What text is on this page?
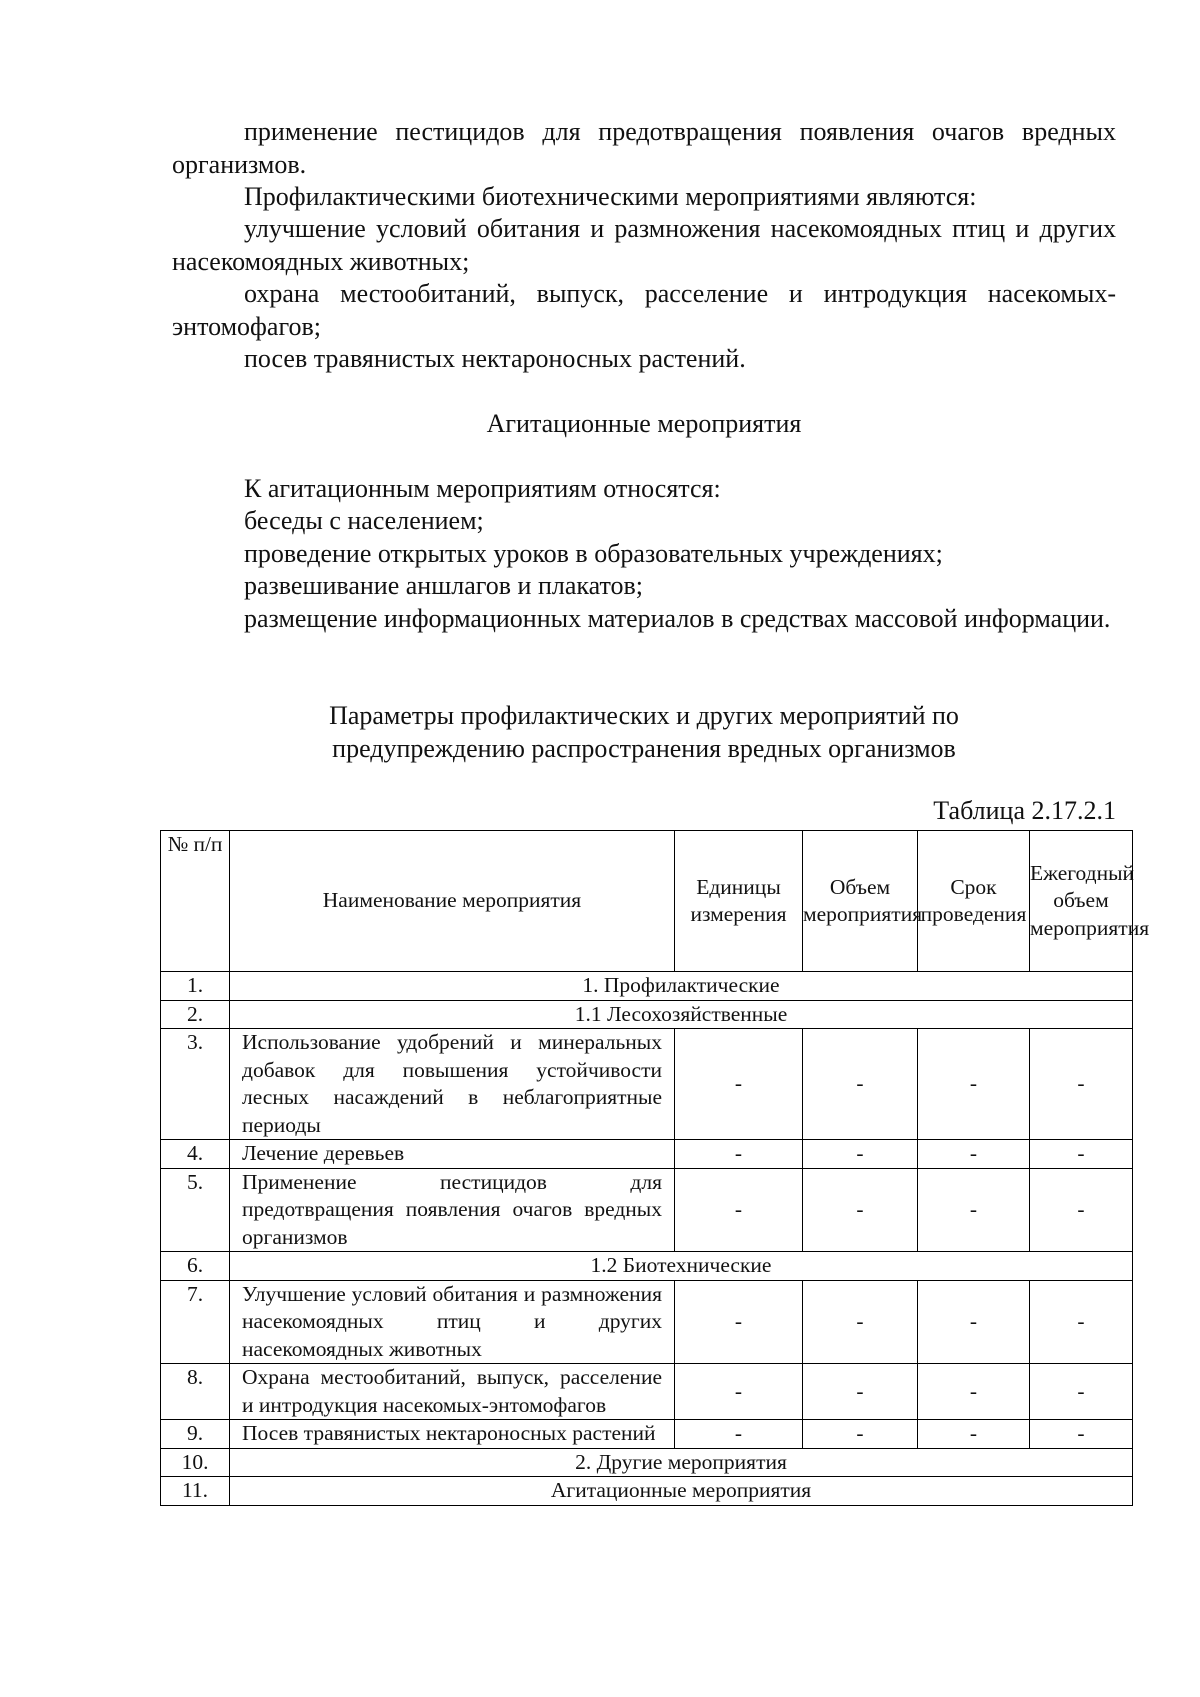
применение пестицидов для предотвращения появления очагов вредных организмов.

Профилактическими биотехническими мероприятиями являются:

улучшение условий обитания и размножения насекомоядных птиц и других насекомоядных животных;

охрана местообитаний, выпуск, расселение и интродукция насекомых-энтомофагов;

посев травянистых нектароносных растений.

Агитационные мероприятия

К агитационным мероприятиям относятся:

беседы с населением;

проведение открытых уроков в образовательных учреждениях;

развешивание аншлагов и плакатов;

размещение информационных материалов в средствах массовой информации.

Параметры профилактических и других мероприятий по

предупреждению распространения вредных организмов

Таблица 2.17.2.1
№ п/п	Наименование мероприятия	Единицы измерения	Объем мероприятия	Срок проведения	Ежегодный объем мероприятия
1.	1. Профилактические				
2.	1.1 Лесохозяйственные				
3.	Использование удобрений и минеральных добавок для повышения устойчивости лесных насаждений в неблагоприятные периоды	-	-	-	-
4.	Лечение деревьев	-	-	-	-
5.	Применение пестицидов для предотвращения появления очагов вредных организмов	-	-	-	-
6.	1.2 Биотехнические				
7.	Улучшение условий обитания и размножения насекомоядных птиц и других насекомоядных животных	-	-	-	-
8.	Охрана местообитаний, выпуск, расселение и интродукция насекомых-энтомофагов	-	-	-	-
9.	Посев травянистых нектароносных растений	-	-	-	-
10.	2. Другие мероприятия				
11.	Агитационные мероприятия				
